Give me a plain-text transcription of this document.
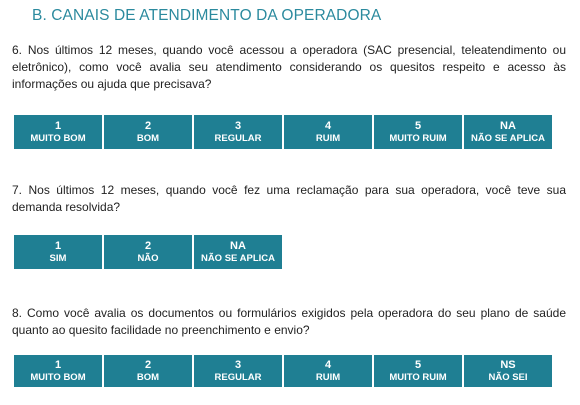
B. CANAIS DE ATENDIMENTO DA OPERADORA
6. Nos últimos 12 meses, quando você acessou a operadora (SAC presencial, teleatendimento ou eletrônico), como você avalia seu atendimento considerando os quesitos respeito e acesso às informações ou ajuda que precisava?
1
MUITO BOM
2
BOM
3
REGULAR
4
RUIM
5
MUITO RUIM
NA
NÃO SE APLICA
7. Nos últimos 12 meses, quando você fez uma reclamação para sua operadora, você teve sua demanda resolvida?
1
SIM
2
NÃO
NA
NÃO SE APLICA
8. Como você avalia os documentos ou formulários exigidos pela operadora do seu plano de saúde quanto ao quesito facilidade no preenchimento e envio?
1
MUITO BOM
2
BOM
3
REGULAR
4
RUIM
5
MUITO RUIM
NS
NÃO SEI
